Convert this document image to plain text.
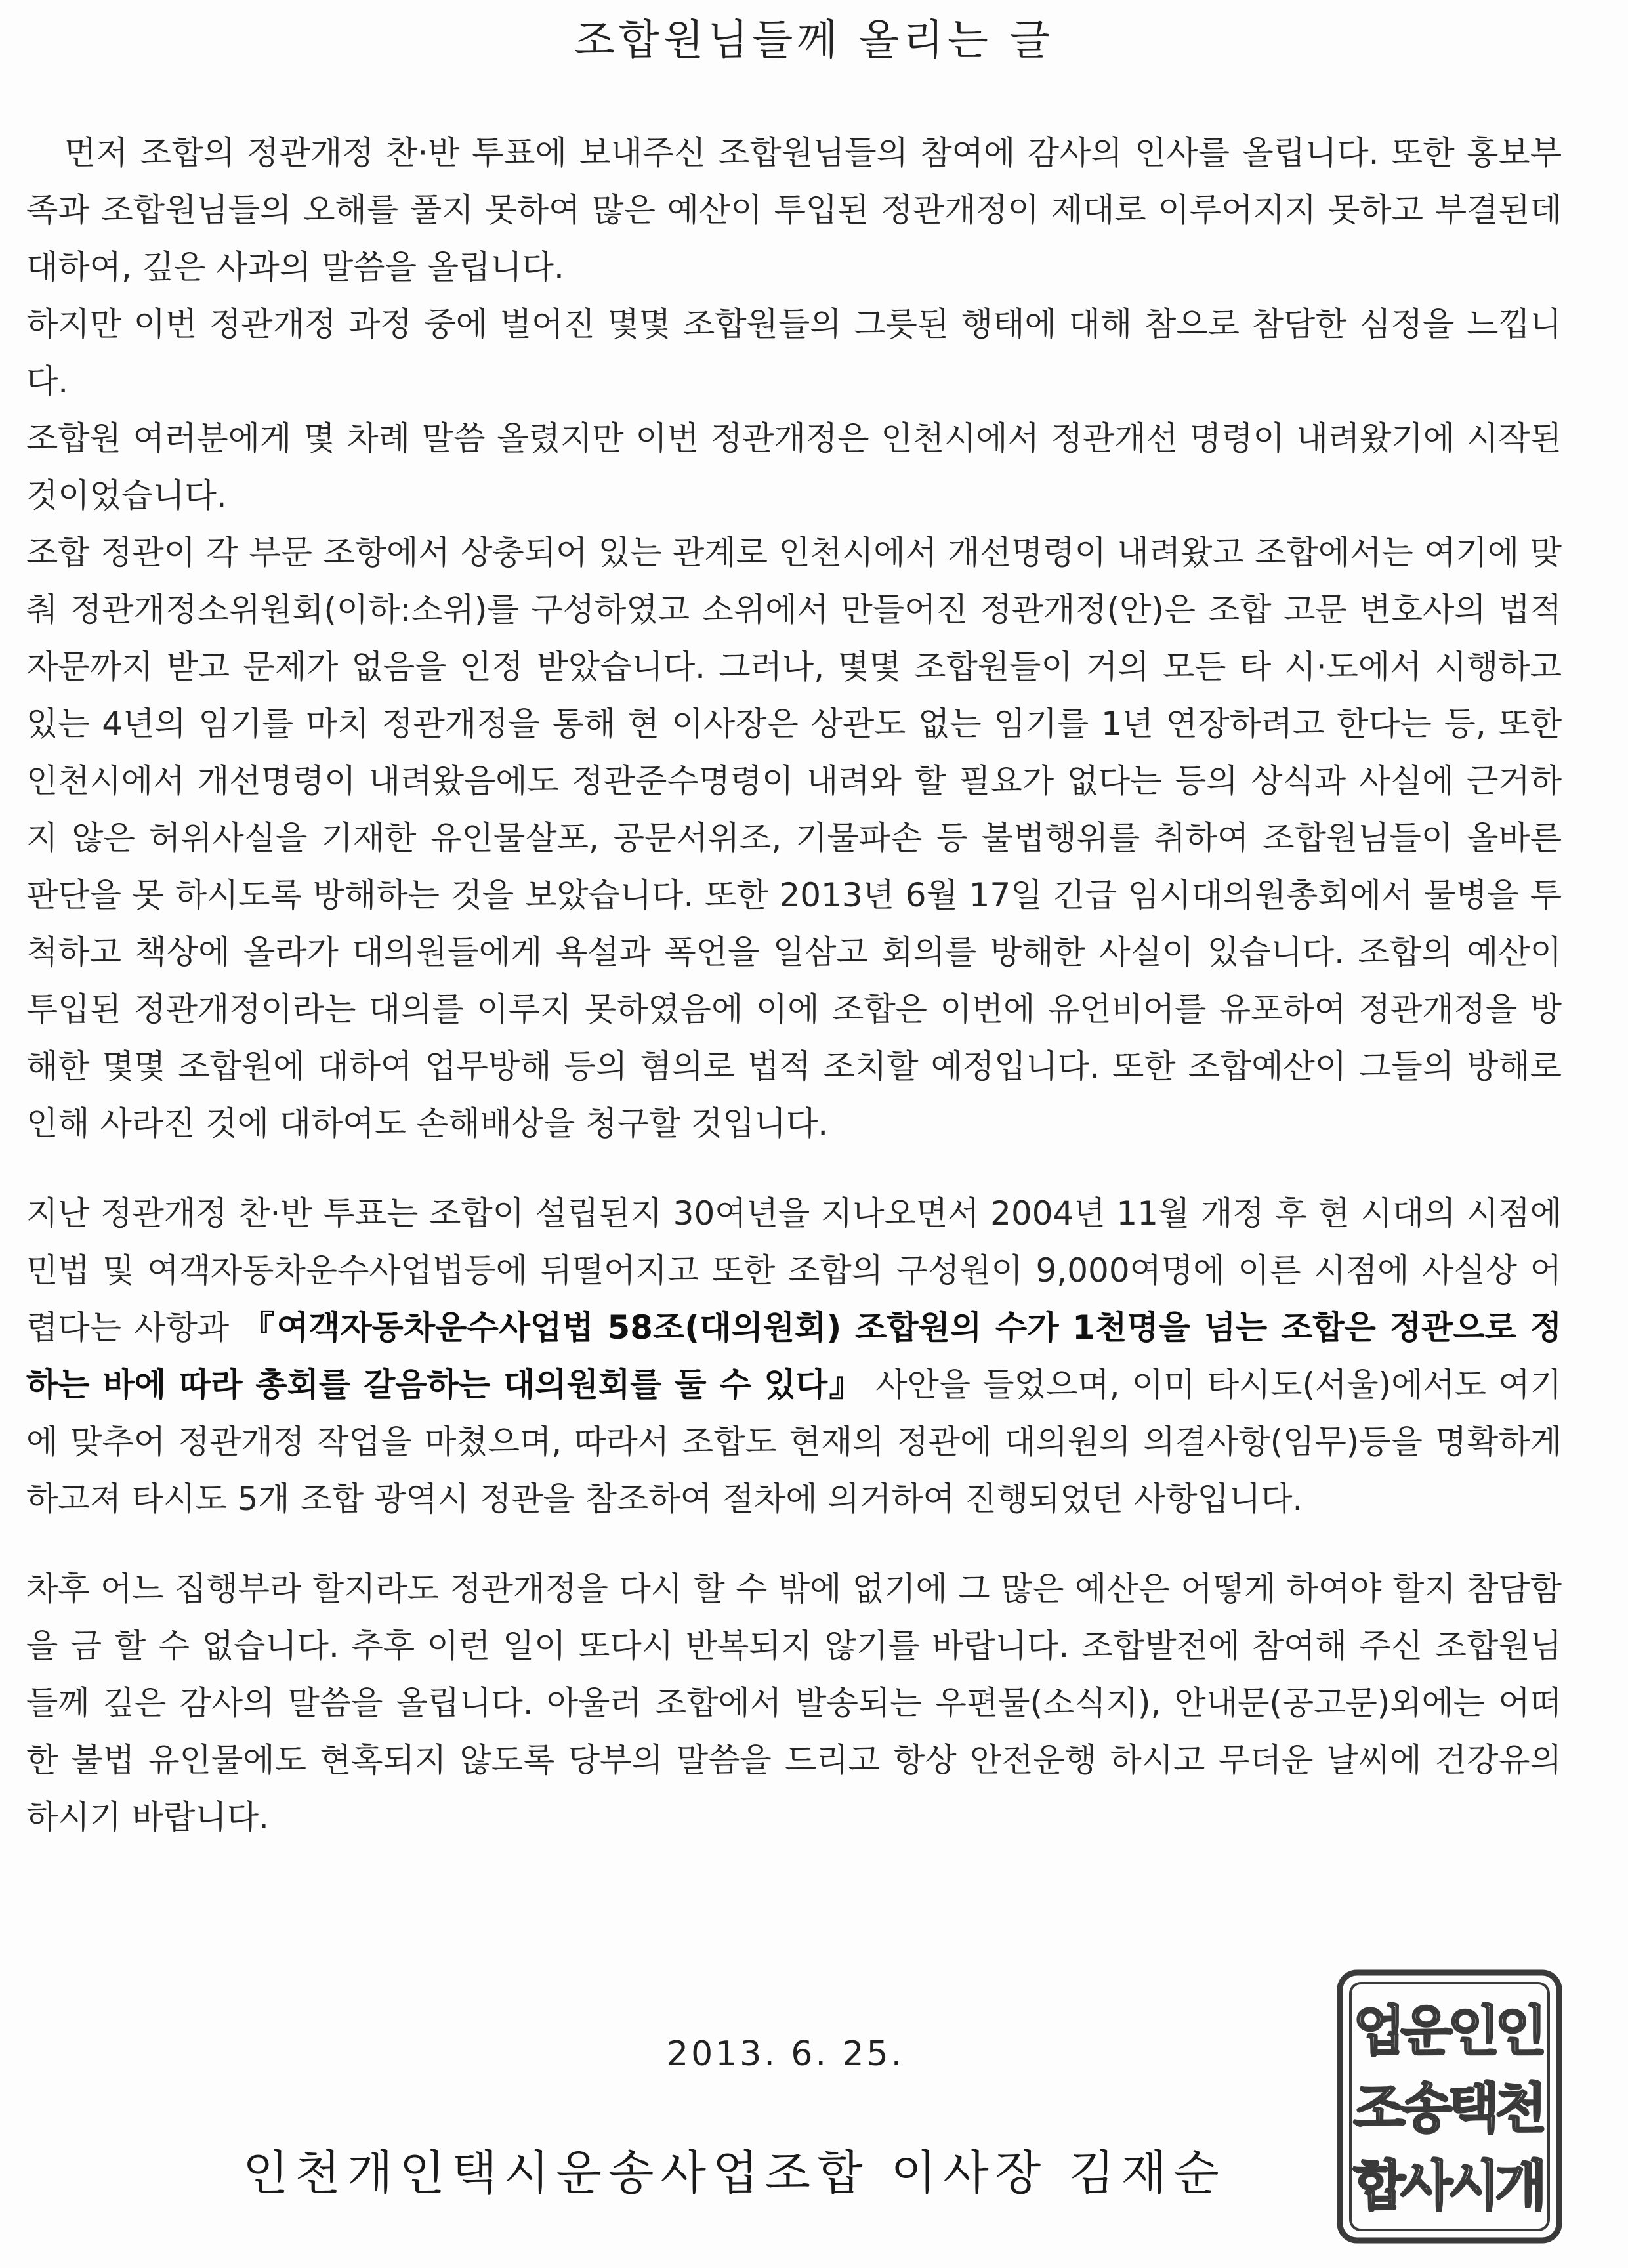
조합원님들께 올리는 글

먼저 조합의 정관개정 찬·반 투표에 보내주신 조합원님들의 참여에 감사의 인사를 올립니다. 또한 홍보부족과 조합원님들의 오해를 풀지 못하여 많은 예산이 투입된 정관개정이 제대로 이루어지지 못하고 부결된데 대하여, 깊은 사과의 말씀을 올립니다.

하지만 이번 정관개정 과정 중에 벌어진 몇몇 조합원들의 그릇된 행태에 대해 참으로 참담한 심정을 느낍니다.

조합원 여러분에게 몇 차례 말씀 올렸지만 이번 정관개정은 인천시에서 정관개선 명령이 내려왔기에 시작된 것이었습니다.

조합 정관이 각 부문 조항에서 상충되어 있는 관계로 인천시에서 개선명령이 내려왔고 조합에서는 여기에 맞춰 정관개정소위원회(이하:소위)를 구성하였고 소위에서 만들어진 정관개정(안)은 조합 고문 변호사의 법적자문까지 받고 문제가 없음을 인정 받았습니다. 그러나, 몇몇 조합원들이 거의 모든 타 시·도에서 시행하고 있는 4년의 임기를 마치 정관개정을 통해 현 이사장은 상관도 없는 임기를 1년 연장하려고 한다는 등, 또한 인천시에서 개선명령이 내려왔음에도 정관준수명령이 내려와 할 필요가 없다는 등의 상식과 사실에 근거하지 않은 허위사실을 기재한 유인물살포, 공문서위조, 기물파손 등 불법행위를 취하여 조합원님들이 올바른 판단을 못 하시도록 방해하는 것을 보았습니다. 또한 2013년 6월 17일 긴급 임시대의원총회에서 물병을 투척하고 책상에 올라가 대의원들에게 욕설과 폭언을 일삼고 회의를 방해한 사실이 있습니다. 조합의 예산이 투입된 정관개정이라는 대의를 이루지 못하였음에 이에 조합은 이번에 유언비어를 유포하여 정관개정을 방해한 몇몇 조합원에 대하여 업무방해 등의 혐의로 법적 조치할 예정입니다. 또한 조합예산이 그들의 방해로 인해 사라진 것에 대하여도 손해배상을 청구할 것입니다.

지난 정관개정 찬·반 투표는 조합이 설립된지 30여년을 지나오면서 2004년 11월 개정 후 현 시대의 시점에 민법 및 여객자동차운수사업법등에 뒤떨어지고 또한 조합의 구성원이 9,000여명에 이른 시점에 사실상 어렵다는 사항과 『여객자동차운수사업법 58조(대의원회) 조합원의 수가 1천명을 넘는 조합은 정관으로 정하는 바에 따라 총회를 갈음하는 대의원회를 둘 수 있다』 사안을 들었으며, 이미 타시도(서울)에서도 여기에 맞추어 정관개정 작업을 마쳤으며, 따라서 조합도 현재의 정관에 대의원의 의결사항(임무)등을 명확하게 하고져 타시도 5개 조합 광역시 정관을 참조하여 절차에 의거하여 진행되었던 사항입니다.

차후 어느 집행부라 할지라도 정관개정을 다시 할 수 밖에 없기에 그 많은 예산은 어떻게 하여야 할지 참담함을 금 할 수 없습니다. 추후 이런 일이 또다시 반복되지 않기를 바랍니다. 조합발전에 참여해 주신 조합원님들께 깊은 감사의 말씀을 올립니다. 아울러 조합에서 발송되는 우편물(소식지), 안내문(공고문)외에는 어떠한 불법 유인물에도 현혹되지 않도록 당부의 말씀을 드리고 항상 안전운행 하시고 무더운 날씨에 건강유의 하시기 바랍니다.

2013. 6. 25.
인천개인택시운송사업조합 이사장 김재순
인
천
개
인
택
시
운
송
사
업
조
합
